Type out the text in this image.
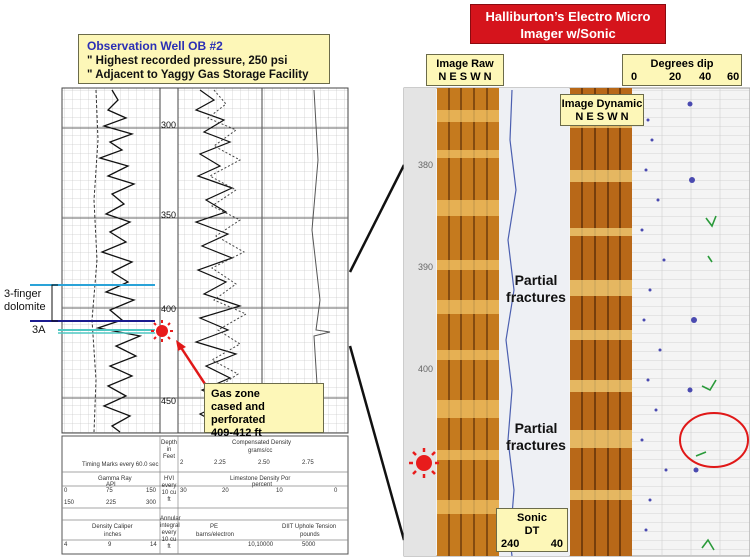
300
350
400
450
380
390
400
Observation Well OB #2
" Highest recorded pressure, 250 psi
" Adjacent to Yaggy Gas Storage Facility
Halliburton’s Electro Micro
Imager w/Sonic
Image Raw
N E S W N
Image Dynamic
N E S W N
Degrees dip
0	20 40 60
Partial fractures
Partial fractures
Sonic
DT
240	40
Gas zone
cased and perforated
409-412 ft
3-finger
dolomite
3A
Depth in Feet
Timing Marks every 60.0 sec
Gamma Ray
API
0	75	150
150	225	300
Density Caliper
inches
4	9	14
HVI every 10 cu ft
Annular integral every 10 cu ft
Compensated Density
grams/cc
2	2.25	2.50	2.75
Limestone Density Por
percent
30	20	10	0
PE
barns/electron
DIIT Uphole Tension
pounds
10,10000	5000
